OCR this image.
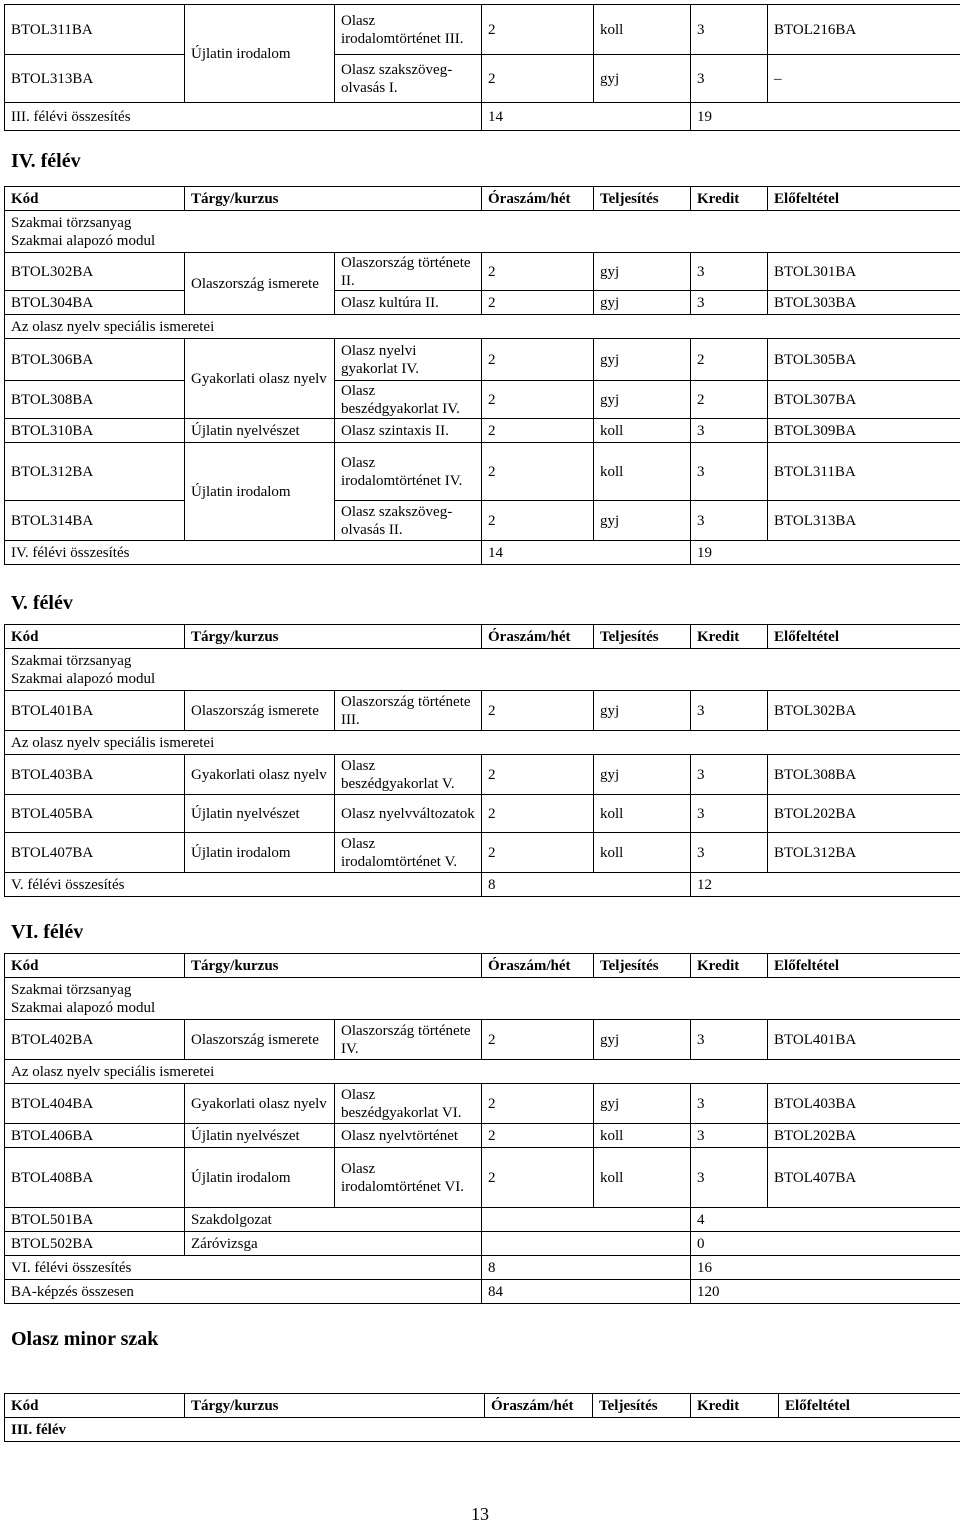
BTOL311BA	Újlatin irodalom	Olasz irodalomtörténet III.	2	koll	3	BTOL216BA
BTOL313BA		Olasz szakszöveg-olvasás I.	2	gyj	3	–
III. félévi összesítés			14		19	
IV. félév
Kód	Tárgy/kurzus		Óraszám/hét	Teljesítés	Kredit	Előfeltétel
Szakmai törzsanyag
Szakmai alapozó modul						
BTOL302BA	Olaszország ismerete	Olaszország története II.	2	gyj	3	BTOL301BA
BTOL304BA		Olasz kultúra II.	2	gyj	3	BTOL303BA
Az olasz nyelv speciális ismeretei						
BTOL306BA	Gyakorlati olasz nyelv	Olasz nyelvi gyakorlat IV.	2	gyj	2	BTOL305BA
BTOL308BA		Olasz beszédgyakorlat IV.	2	gyj	2	BTOL307BA
BTOL310BA	Újlatin nyelvészet	Olasz szintaxis II.	2	koll	3	BTOL309BA
BTOL312BA	Újlatin irodalom	Olasz irodalomtörténet IV.	2	koll	3	BTOL311BA
BTOL314BA		Olasz szakszöveg-olvasás II.	2	gyj	3	BTOL313BA
IV. félévi összesítés			14		19	
V. félév
Kód	Tárgy/kurzus		Óraszám/hét	Teljesítés	Kredit	Előfeltétel
Szakmai törzsanyag
Szakmai alapozó modul						
BTOL401BA	Olaszország ismerete	Olaszország története III.	2	gyj	3	BTOL302BA
Az olasz nyelv speciális ismeretei						
BTOL403BA	Gyakorlati olasz nyelv	Olasz beszédgyakorlat V.	2	gyj	3	BTOL308BA
BTOL405BA	Újlatin nyelvészet	Olasz nyelvváltozatok	2	koll	3	BTOL202BA
BTOL407BA	Újlatin irodalom	Olasz irodalomtörténet V.	2	koll	3	BTOL312BA
V. félévi összesítés			8		12	
VI. félév
Kód	Tárgy/kurzus		Óraszám/hét	Teljesítés	Kredit	Előfeltétel
Szakmai törzsanyag
Szakmai alapozó modul						
BTOL402BA	Olaszország ismerete	Olaszország története IV.	2	gyj	3	BTOL401BA
Az olasz nyelv speciális ismeretei						
BTOL404BA	Gyakorlati olasz nyelv	Olasz beszédgyakorlat VI.	2	gyj	3	BTOL403BA
BTOL406BA	Újlatin nyelvészet	Olasz nyelvtörténet	2	koll	3	BTOL202BA
BTOL408BA	Újlatin irodalom	Olasz irodalomtörténet VI.	2	koll	3	BTOL407BA
BTOL501BA	Szakdolgozat				4	
BTOL502BA	Záróvizsga				0	
VI. félévi összesítés			8		16	
BA-képzés összesen			84		120	
Olasz minor szak
Kód	Tárgy/kurzus	Óraszám/hét	Teljesítés	Kredit	Előfeltétel
III. félév
13
